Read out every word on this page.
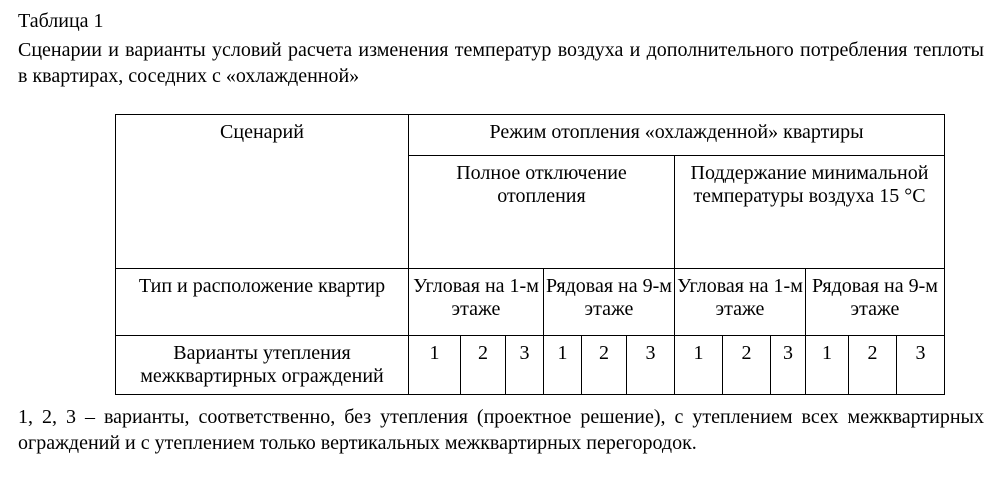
Таблица 1
Сценарии и варианты условий расчета изменения температур воздуха и дополнительного потребления теплоты в квартирах, соседних с «охлажденной»
Сценарий	Режим отопления «охлажденной» квартиры											
	Полное отключение отопления						Поддержание минимальной температуры воздуха 15 °С					
Тип и расположение квартир	Угловая на 1-м этаже			Рядовая на 9-м этаже			Угловая на 1-м этаже			Рядовая на 9-м этаже		
Варианты утепления межквартирных ограждений	1	2	3	1	2	3	1	2	3	1	2	3
1, 2, 3 – варианты, соответственно, без утепления (проектное решение), с утеплением всех межквартирных ограждений и с утеплением только вертикальных межквартирных перегородок.
